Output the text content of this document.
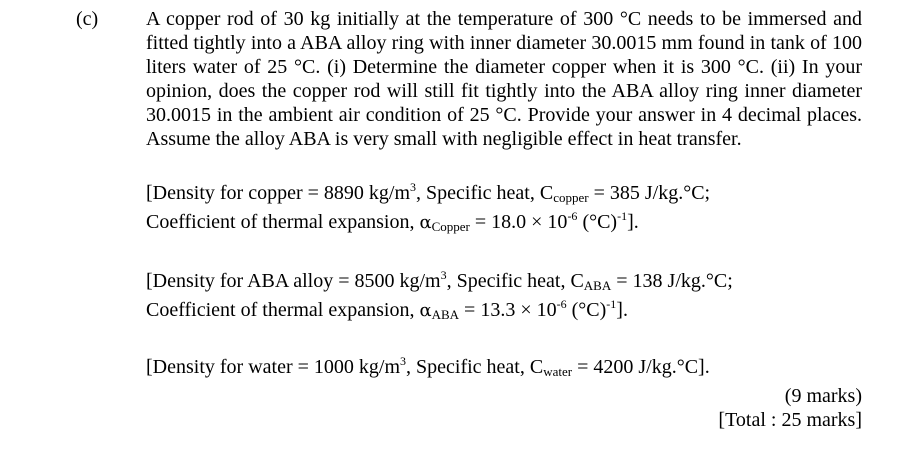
(c) A copper rod of 30 kg initially at the temperature of 300 °C needs to be immersed and fitted tightly into a ABA alloy ring with inner diameter 30.0015 mm found in tank of 100 liters water of 25 °C. (i) Determine the diameter copper when it is 300 °C. (ii) In your opinion, does the copper rod will still fit tightly into the ABA alloy ring inner diameter 30.0015 in the ambient air condition of 25 °C. Provide your answer in 4 decimal places. Assume the alloy ABA is very small with negligible effect in heat transfer.

[Density for copper = 8890 $kg/m^3$, Specific heat, $C_{copper} = 385$ J/kg.°C;
Coefficient of thermal expansion, $\alpha_{Copper} = 18.0 \times 10^{-6}$ $(^\circ C)^{-1}$].
[Density for ABA alloy = 8500 $kg/m^3$, Specific heat, $C_{ABA} = 138$ J/kg.°C;
Coefficient of thermal expansion, $\alpha_{ABA} = 13.3 \times 10^{-6}$ $(^\circ C)^{-1}$].
[Density for water = 1000 $kg/m^3$, Specific heat, $C_{water} = 4200$ J/kg.°C].

(9 marks)

[Total : 25 marks]
